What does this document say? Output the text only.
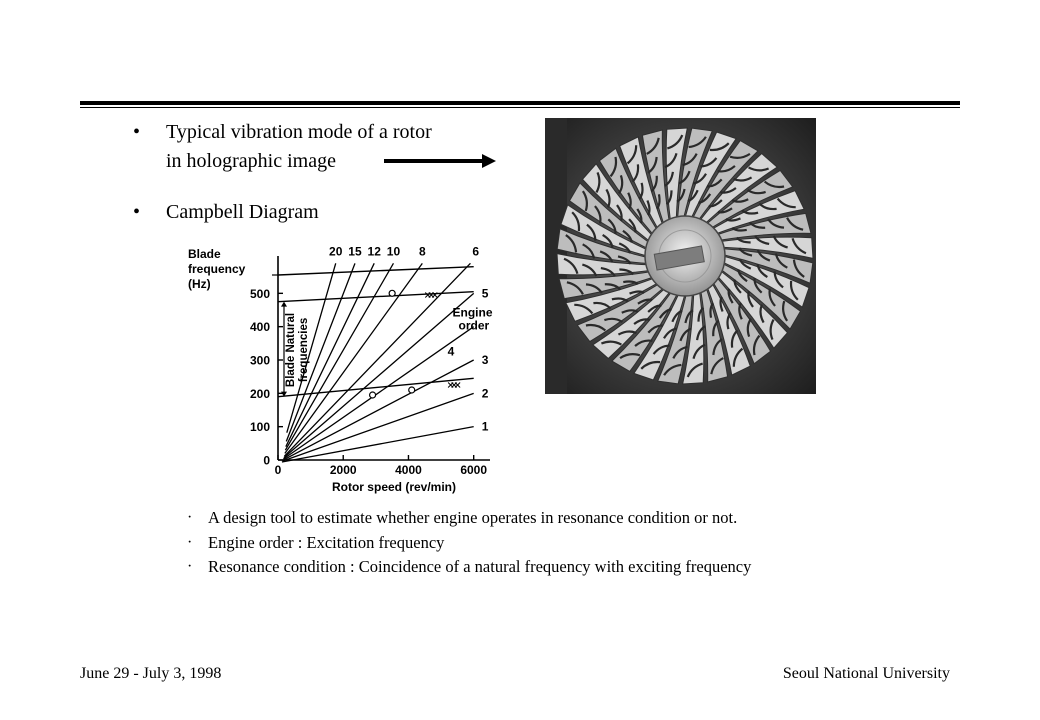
• Typical vibration mode of a rotor
in holographic image
• Campbell Diagram
Blade
frequency
(Hz)
0
100
200
300
400
500
0	2000	4000	6000
Rotor speed (rev/min)
1
2
3
4
5
6
8
10
12
15
20
Blade Natural frequencies
Engine
order
· A design tool to estimate whether engine operates in resonance condition or not.
· Engine order : Excitation frequency
· Resonance condition : Coincidence of a natural frequency with exciting frequency
June 29 - July 3, 1998	Seoul National University
